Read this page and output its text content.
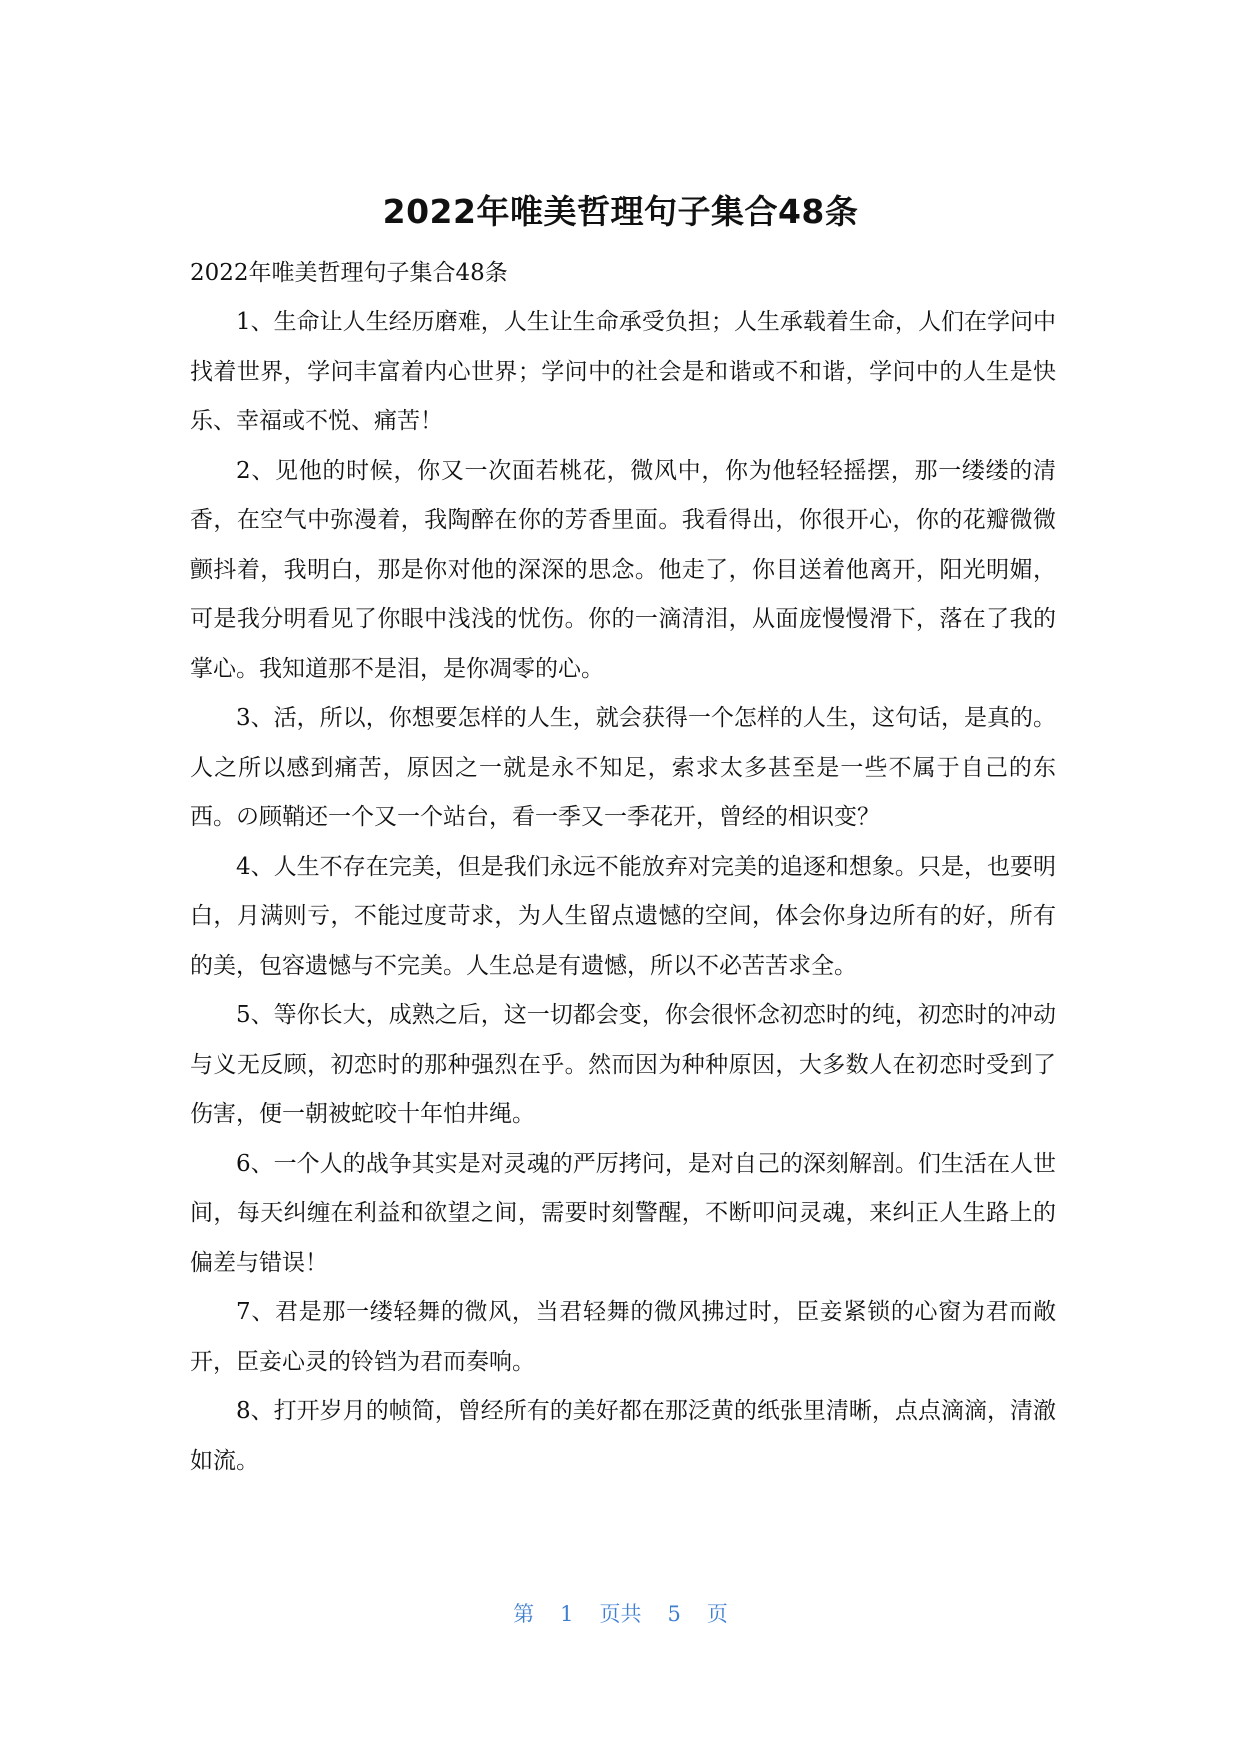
2022年唯美哲理句子集合48条
2022年唯美哲理句子集合48条

1、生命让人生经历磨难，人生让生命承受负担；人生承载着生命，人们在学问中找着世界，学问丰富着内心世界；学问中的社会是和谐或不和谐，学问中的人生是快乐、幸福或不悦、痛苦！

2、见他的时候，你又一次面若桃花，微风中，你为他轻轻摇摆，那一缕缕的清香，在空气中弥漫着，我陶醉在你的芳香里面。我看得出，你很开心，你的花瓣微微颤抖着，我明白，那是你对他的深深的思念。他走了，你目送着他离开，阳光明媚，可是我分明看见了你眼中浅浅的忧伤。你的一滴清泪，从面庞慢慢滑下，落在了我的掌心。我知道那不是泪，是你凋零的心。

3、活，所以，你想要怎样的人生，就会获得一个怎样的人生，这句话，是真的。人之所以感到痛苦，原因之一就是永不知足，索求太多甚至是一些不属于自己的东西。の顾鞘还一个又一个站台，看一季又一季花开，曾经的相识变？

4、人生不存在完美，但是我们永远不能放弃对完美的追逐和想象。只是，也要明白，月满则亏，不能过度苛求，为人生留点遗憾的空间，体会你身边所有的好，所有的美，包容遗憾与不完美。人生总是有遗憾，所以不必苦苦求全。

5、等你长大，成熟之后，这一切都会变，你会很怀念初恋时的纯，初恋时的冲动与义无反顾，初恋时的那种强烈在乎。然而因为种种原因，大多数人在初恋时受到了伤害，便一朝被蛇咬十年怕井绳。

6、一个人的战争其实是对灵魂的严厉拷问，是对自己的深刻解剖。们生活在人世间，每天纠缠在利益和欲望之间，需要时刻警醒，不断叩问灵魂，来纠正人生路上的偏差与错误！

7、君是那一缕轻舞的微风，当君轻舞的微风拂过时，臣妾紧锁的心窗为君而敞开，臣妾心灵的铃铛为君而奏响。

8、打开岁月的帧简，曾经所有的美好都在那泛黄的纸张里清晰，点点滴滴，清澈如流。

第 1 页共 5 页
